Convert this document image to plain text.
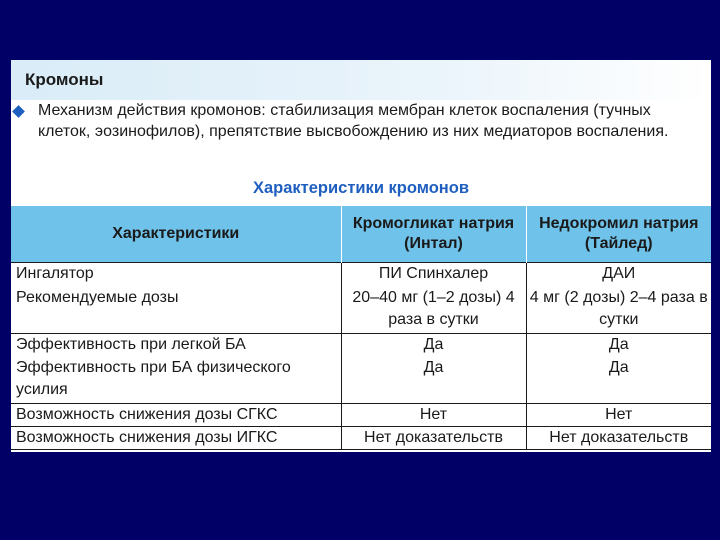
Кромоны
Механизм действия кромонов: стабилизация мембран клеток воспаления (тучных клеток, эозинофилов), препятствие высвобождению из них медиаторов воспаления.
Характеристики кромонов
Характеристики	Кромогликат натрия (Интал)	Недокромил натрия (Тайлед)
Ингалятор	ПИ Спинхалер	ДАИ
Рекомендуемые дозы	20–40 мг (1–2 дозы) 4 раза в сутки	4 мг (2 дозы) 2–4 раза в сутки
Эффективность при легкой БА	Да	Да
Эффективность при БА физического усилия	Да	Да
Возможность снижения дозы СГКС	Нет	Нет
Возможность снижения дозы ИГКС	Нет доказательств	Нет доказательств
